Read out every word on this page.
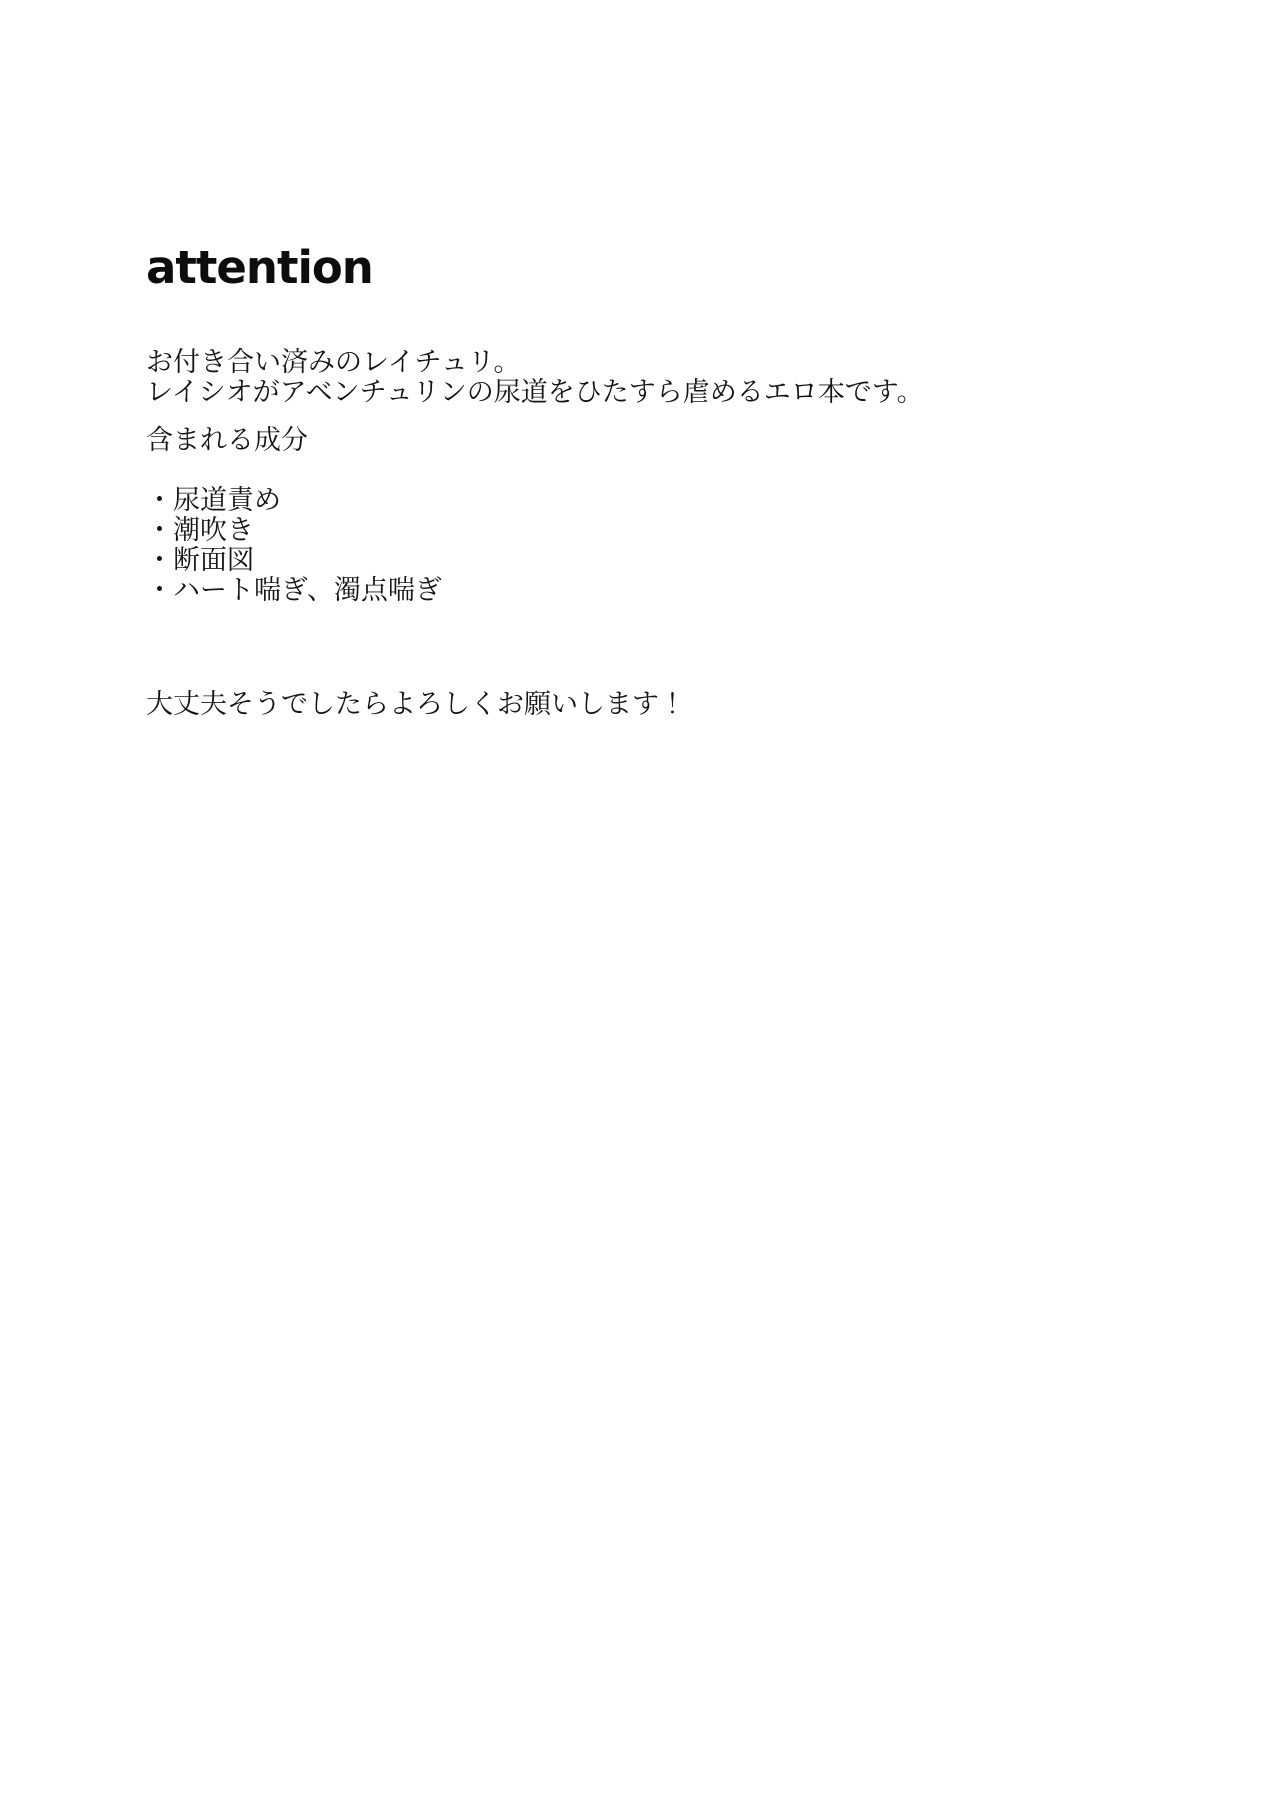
attention
お付き合い済みのレイチュリ。
レイシオがアベンチュリンの尿道をひたすら虐めるエロ本です。
含まれる成分
・尿道責め
・潮吹き
・断面図
・ハート喘ぎ、濁点喘ぎ
大丈夫そうでしたらよろしくお願いします！
